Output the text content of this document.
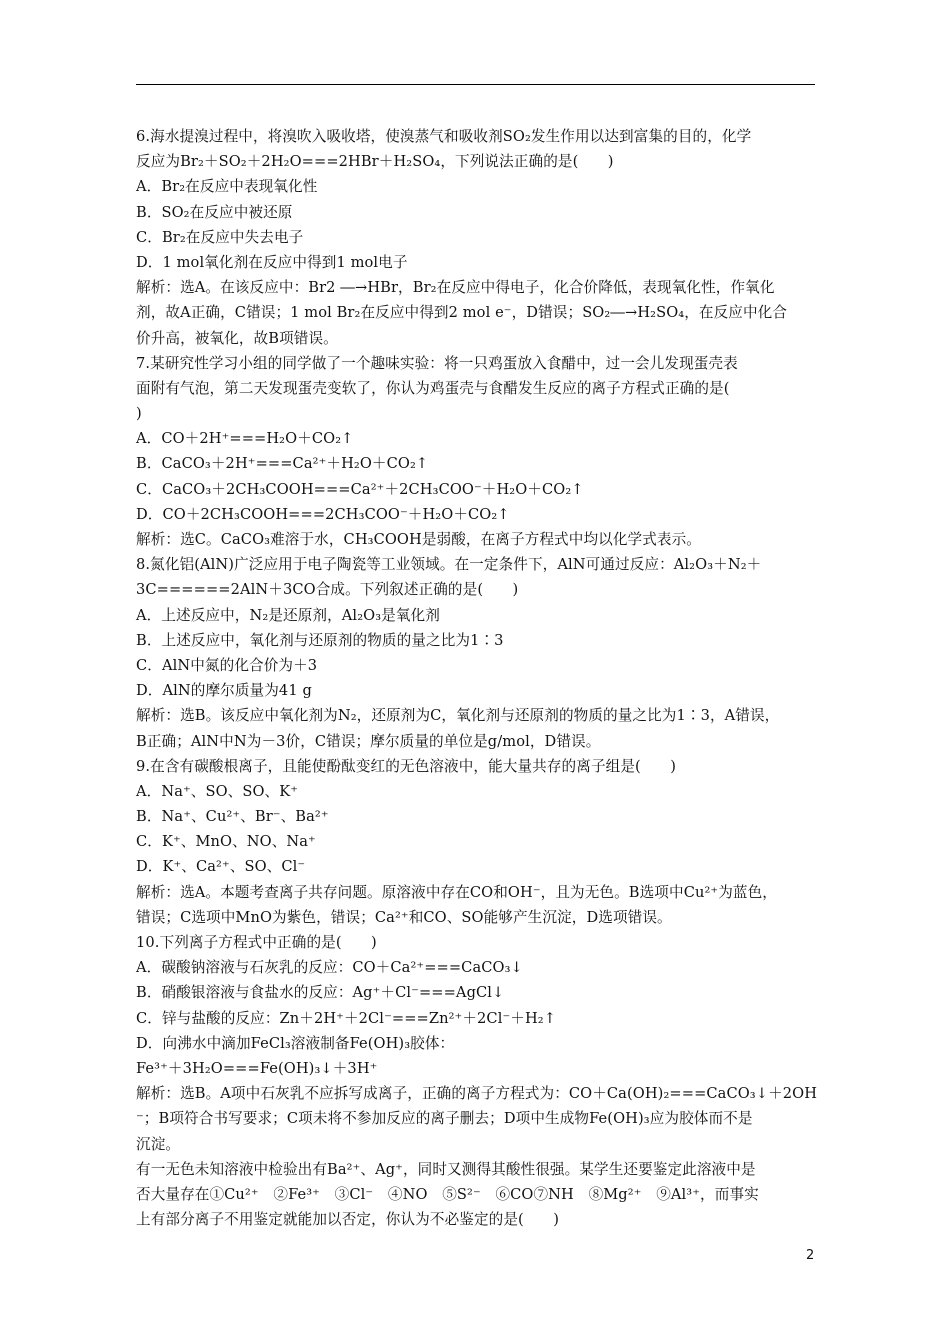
6.海水提溴过程中，将溴吹入吸收塔，使溴蒸气和吸收剂SO₂发生作用以达到富集的目的，化学
反应为Br₂＋SO₂＋2H₂O===2HBr＋H₂SO₄，下列说法正确的是(　　)
A．Br₂在反应中表现氧化性
B．SO₂在反应中被还原
C．Br₂在反应中失去电子
D．1 mol氧化剂在反应中得到1 mol电子
解析：选A。在该反应中：Br2 ―→HBr，Br₂在反应中得电子，化合价降低，表现氧化性，作氧化
剂，故A正确，C错误；1 mol Br₂在反应中得到2 mol e⁻，D错误；SO₂―→H₂SO₄，在反应中化合
价升高，被氧化，故B项错误。
7.某研究性学习小组的同学做了一个趣味实验：将一只鸡蛋放入食醋中，过一会儿发现蛋壳表
面附有气泡，第二天发现蛋壳变软了，你认为鸡蛋壳与食醋发生反应的离子方程式正确的是(
)
A．CO＋2H⁺===H₂O＋CO₂↑
B．CaCO₃＋2H⁺===Ca²⁺＋H₂O＋CO₂↑
C．CaCO₃＋2CH₃COOH===Ca²⁺＋2CH₃COO⁻＋H₂O＋CO₂↑
D．CO＋2CH₃COOH===2CH₃COO⁻＋H₂O＋CO₂↑
解析：选C。CaCO₃难溶于水，CH₃COOH是弱酸，在离子方程式中均以化学式表示。
8.氮化铝(AlN)广泛应用于电子陶瓷等工业领域。在一定条件下，AlN可通过反应：Al₂O₃＋N₂＋
3C======2AlN＋3CO合成。下列叙述正确的是(　　)
A．上述反应中，N₂是还原剂，Al₂O₃是氧化剂
B．上述反应中，氧化剂与还原剂的物质的量之比为1∶3
C．AlN中氮的化合价为＋3
D．AlN的摩尔质量为41 g
解析：选B。该反应中氧化剂为N₂，还原剂为C，氧化剂与还原剂的物质的量之比为1∶3，A错误，
B正确；AlN中N为－3价，C错误；摩尔质量的单位是g/mol，D错误。
9.在含有碳酸根离子，且能使酚酞变红的无色溶液中，能大量共存的离子组是(　　)
A．Na⁺、SO、SO、K⁺
B．Na⁺、Cu²⁺、Br⁻、Ba²⁺
C．K⁺、MnO、NO、Na⁺
D．K⁺、Ca²⁺、SO、Cl⁻
解析：选A。本题考查离子共存问题。原溶液中存在CO和OH⁻，且为无色。B选项中Cu²⁺为蓝色，
错误；C选项中MnO为紫色，错误；Ca²⁺和CO、SO能够产生沉淀，D选项错误。
10.下列离子方程式中正确的是(　　)
A．碳酸钠溶液与石灰乳的反应：CO＋Ca²⁺===CaCO₃↓
B．硝酸银溶液与食盐水的反应：Ag⁺＋Cl⁻===AgCl↓
C．锌与盐酸的反应：Zn＋2H⁺＋2Cl⁻===Zn²⁺＋2Cl⁻＋H₂↑
D．向沸水中滴加FeCl₃溶液制备Fe(OH)₃胶体：
Fe³⁺＋3H₂O===Fe(OH)₃↓＋3H⁺
解析：选B。A项中石灰乳不应拆写成离子，正确的离子方程式为：CO＋Ca(OH)₂===CaCO₃↓＋2OH
⁻；B项符合书写要求；C项未将不参加反应的离子删去；D项中生成物Fe(OH)₃应为胶体而不是
沉淀。
有一无色未知溶液中检验出有Ba²⁺、Ag⁺，同时又测得其酸性很强。某学生还要鉴定此溶液中是
否大量存在①Cu²⁺　②Fe³⁺　③Cl⁻　④NO　⑤S²⁻　⑥CO⑦NH　⑧Mg²⁺　⑨Al³⁺，而事实
上有部分离子不用鉴定就能加以否定，你认为不必鉴定的是(　　)
2
